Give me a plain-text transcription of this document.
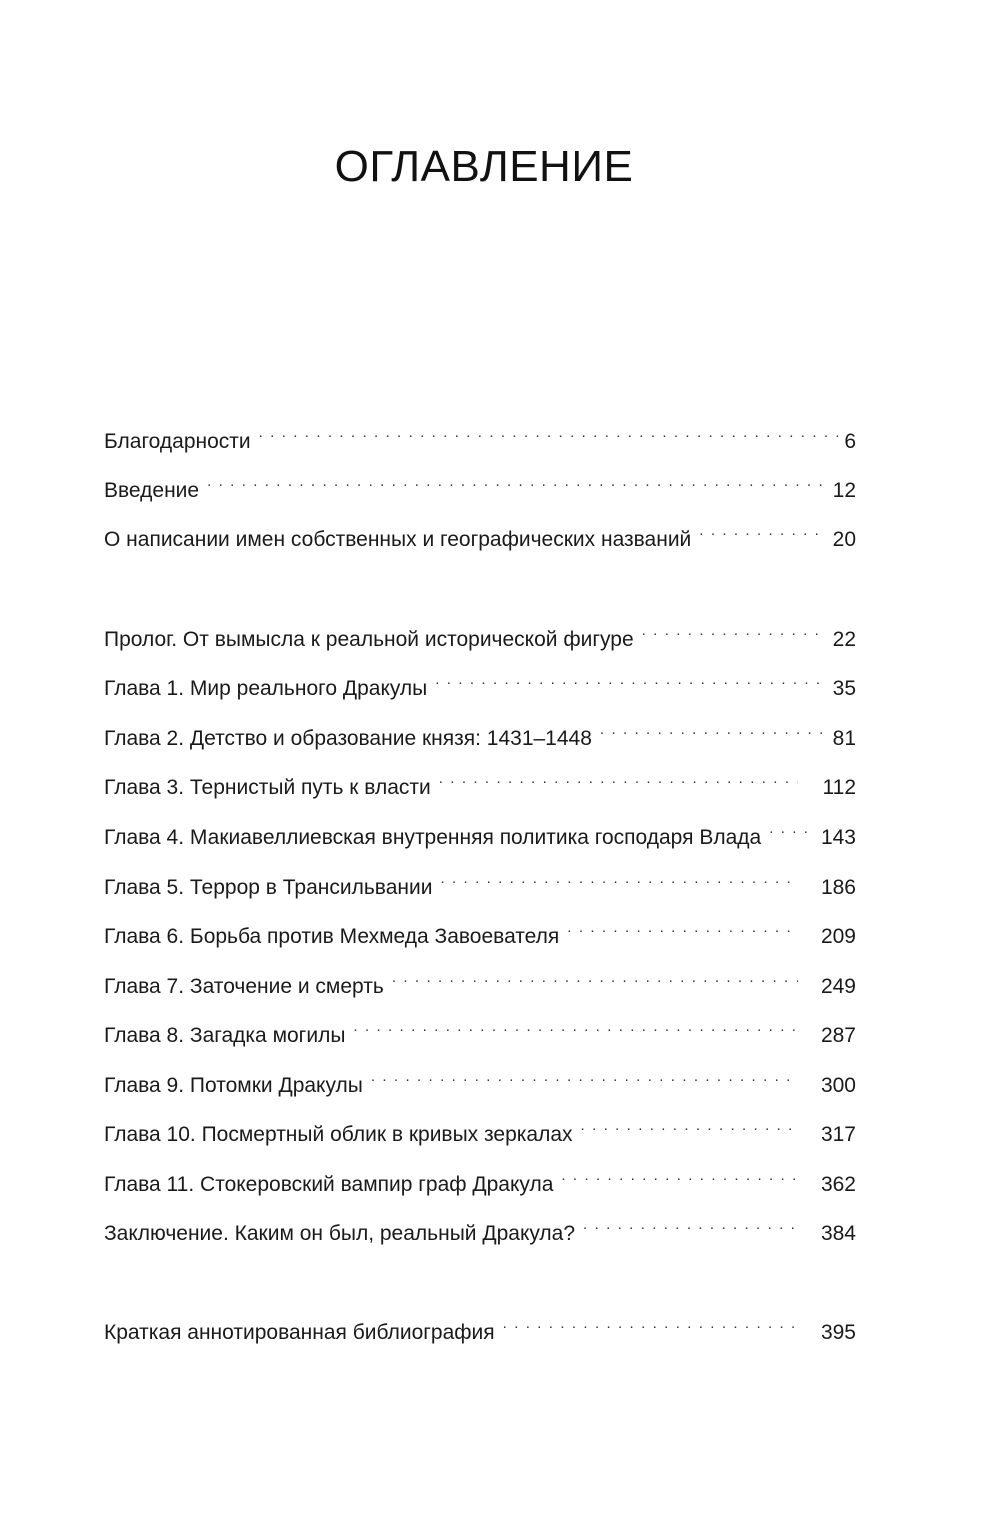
ОГЛАВЛЕНИЕ
Благодарности . . .	6
Введение . . .	12
О написании имен собственных и географических названий . . .	20
Пролог. От вымысла к реальной исторической фигуре . . .	22
Глава 1. Мир реального Дракулы . . .	35
Глава 2. Детство и образование князя: 1431–1448 . . .	81
Глава 3. Тернистый путь к власти . . .	112
Глава 4. Макиавеллиевская внутренняя политика господаря Влада . . .	143
Глава 5. Террор в Трансильвании . . .	186
Глава 6. Борьба против Мехмеда Завоевателя . . .	209
Глава 7. Заточение и смерть . . .	249
Глава 8. Загадка могилы . . .	287
Глава 9. Потомки Дракулы . . .	300
Глава 10. Посмертный облик в кривых зеркалах . . .	317
Глава 11. Стокеровский вампир граф Дракула . . .	362
Заключение. Каким он был, реальный Дракула? . . .	384
Краткая аннотированная библиография . . .	395
